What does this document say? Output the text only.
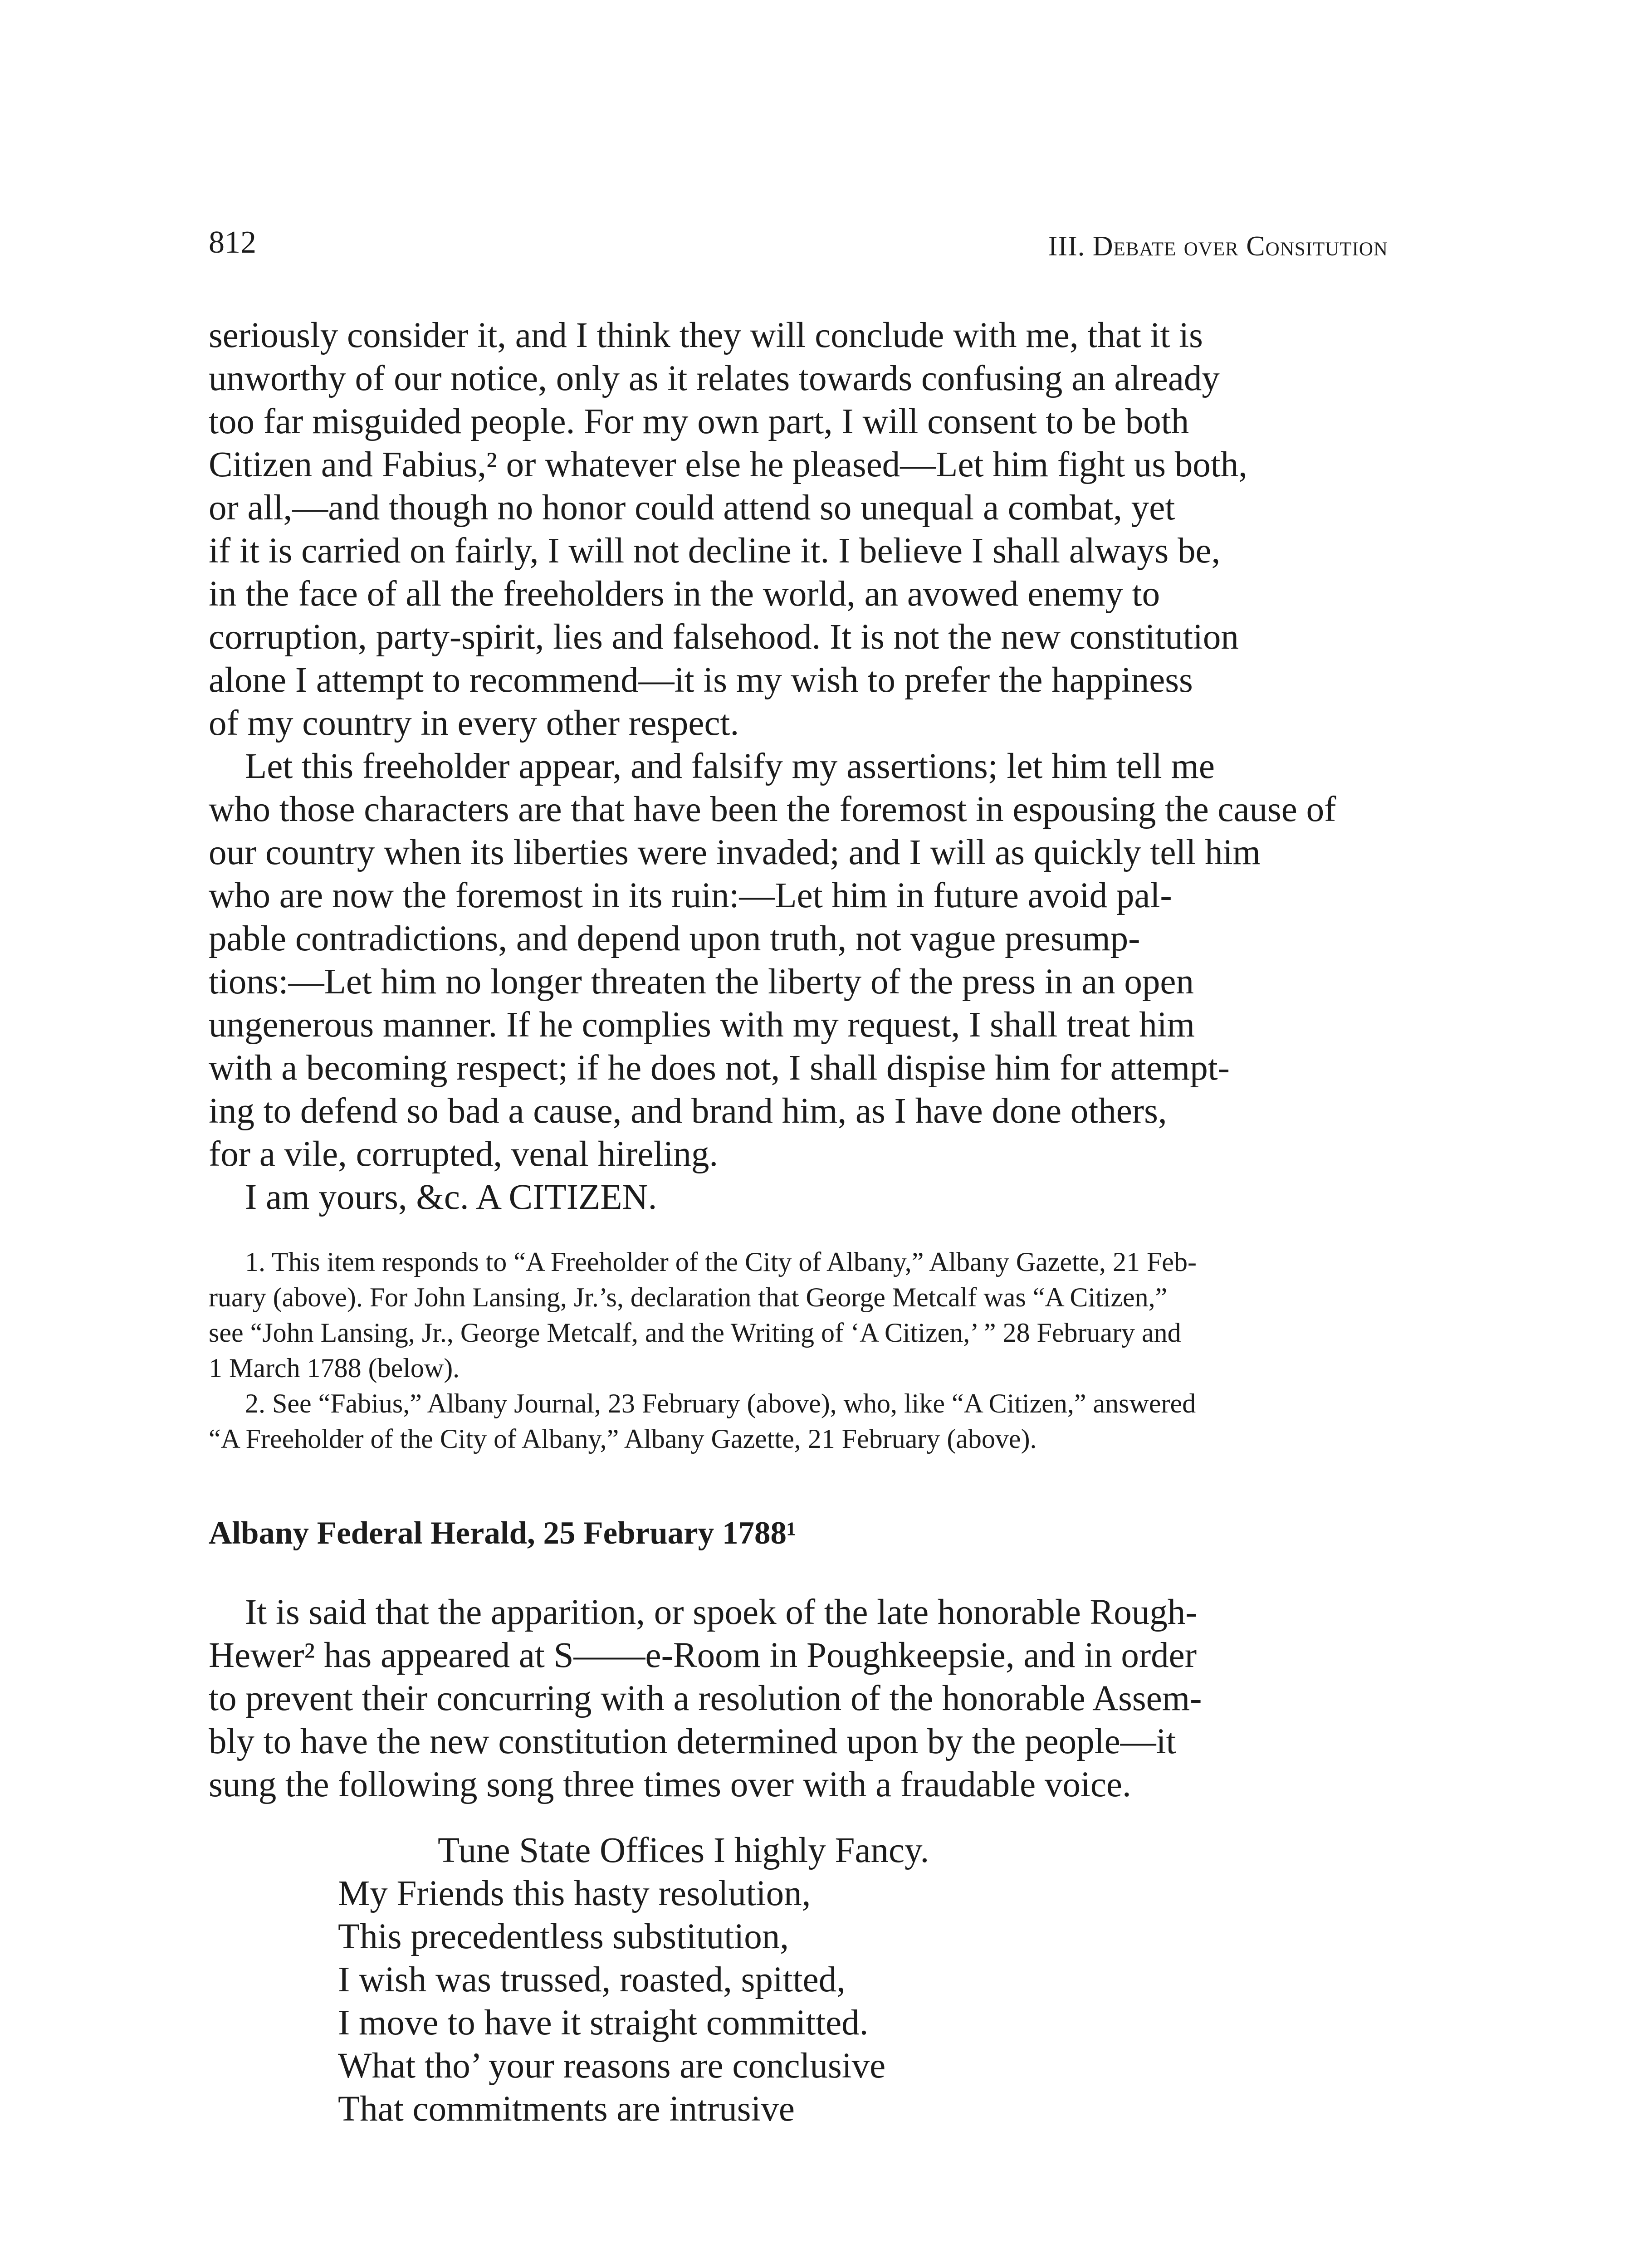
812	III. Debate over Consitution
seriously consider it, and I think they will conclude with me, that it is
unworthy of our notice, only as it relates towards confusing an already
too far misguided people. For my own part, I will consent to be both
Citizen and Fabius,² or whatever else he pleased—Let him fight us both,
or all,—and though no honor could attend so unequal a combat, yet
if it is carried on fairly, I will not decline it. I believe I shall always be,
in the face of all the freeholders in the world, an avowed enemy to
corruption, party-spirit, lies and falsehood. It is not the new constitution
alone I attempt to recommend—it is my wish to prefer the happiness
of my country in every other respect.
Let this freeholder appear, and falsify my assertions; let him tell me
who those characters are that have been the foremost in espousing the cause of
our country when its liberties were invaded; and I will as quickly tell him
who are now the foremost in its ruin:—Let him in future avoid pal-
pable contradictions, and depend upon truth, not vague presump-
tions:—Let him no longer threaten the liberty of the press in an open
ungenerous manner. If he complies with my request, I shall treat him
with a becoming respect; if he does not, I shall dispise him for attempt-
ing to defend so bad a cause, and brand him, as I have done others,
for a vile, corrupted, venal hireling.
I am yours, &c. A CITIZEN.
1. This item responds to “A Freeholder of the City of Albany,” Albany Gazette, 21 Feb-
ruary (above). For John Lansing, Jr.’s, declaration that George Metcalf was “A Citizen,”
see “John Lansing, Jr., George Metcalf, and the Writing of ‘A Citizen,’ ” 28 February and
1 March 1788 (below).
2. See “Fabius,” Albany Journal, 23 February (above), who, like “A Citizen,” answered
“A Freeholder of the City of Albany,” Albany Gazette, 21 February (above).
Albany Federal Herald, 25 February 1788¹
It is said that the apparition, or spoek of the late honorable Rough-
Hewer² has appeared at S——e-Room in Poughkeepsie, and in order
to prevent their concurring with a resolution of the honorable Assem-
bly to have the new constitution determined upon by the people—it
sung the following song three times over with a fraudable voice.
Tune State Offices I highly Fancy.
My Friends this hasty resolution,
This precedentless substitution,
I wish was trussed, roasted, spitted,
I move to have it straight committed.
What tho’ your reasons are conclusive
That commitments are intrusive
